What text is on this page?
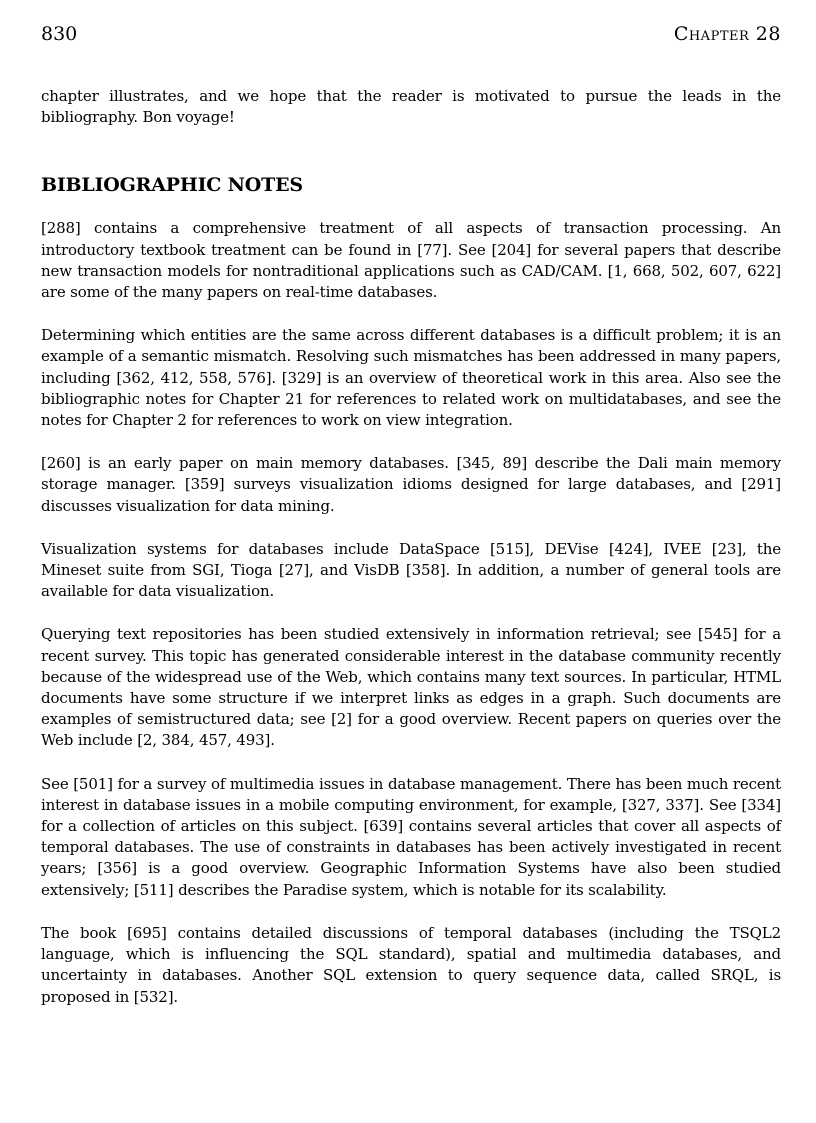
830	Chapter 28

chapter illustrates, and we hope that the reader is motivated to pursue the leads in the bibliography. Bon voyage!

BIBLIOGRAPHIC NOTES

[288] contains a comprehensive treatment of all aspects of transaction processing. An introductory textbook treatment can be found in [77]. See [204] for several papers that describe new transaction models for nontraditional applications such as CAD/CAM. [1, 668, 502, 607, 622] are some of the many papers on real-time databases.

Determining which entities are the same across different databases is a difficult problem; it is an example of a semantic mismatch. Resolving such mismatches has been addressed in many papers, including [362, 412, 558, 576]. [329] is an overview of theoretical work in this area. Also see the bibliographic notes for Chapter 21 for references to related work on multidatabases, and see the notes for Chapter 2 for references to work on view integration.

[260] is an early paper on main memory databases. [345, 89] describe the Dali main memory storage manager. [359] surveys visualization idioms designed for large databases, and [291] discusses visualization for data mining.

Visualization systems for databases include DataSpace [515], DEVise [424], IVEE [23], the Mineset suite from SGI, Tioga [27], and VisDB [358]. In addition, a number of general tools are available for data visualization.

Querying text repositories has been studied extensively in information retrieval; see [545] for a recent survey. This topic has generated considerable interest in the database community recently because of the widespread use of the Web, which contains many text sources. In particular, HTML documents have some structure if we interpret links as edges in a graph. Such documents are examples of semistructured data; see [2] for a good overview. Recent papers on queries over the Web include [2, 384, 457, 493].

See [501] for a survey of multimedia issues in database management. There has been much recent interest in database issues in a mobile computing environment, for example, [327, 337]. See [334] for a collection of articles on this subject. [639] contains several articles that cover all aspects of temporal databases. The use of constraints in databases has been actively investigated in recent years; [356] is a good overview. Geographic Information Systems have also been studied extensively; [511] describes the Paradise system, which is notable for its scalability.

The book [695] contains detailed discussions of temporal databases (including the TSQL2 language, which is influencing the SQL standard), spatial and multimedia databases, and uncertainty in databases. Another SQL extension to query sequence data, called SRQL, is proposed in [532].
